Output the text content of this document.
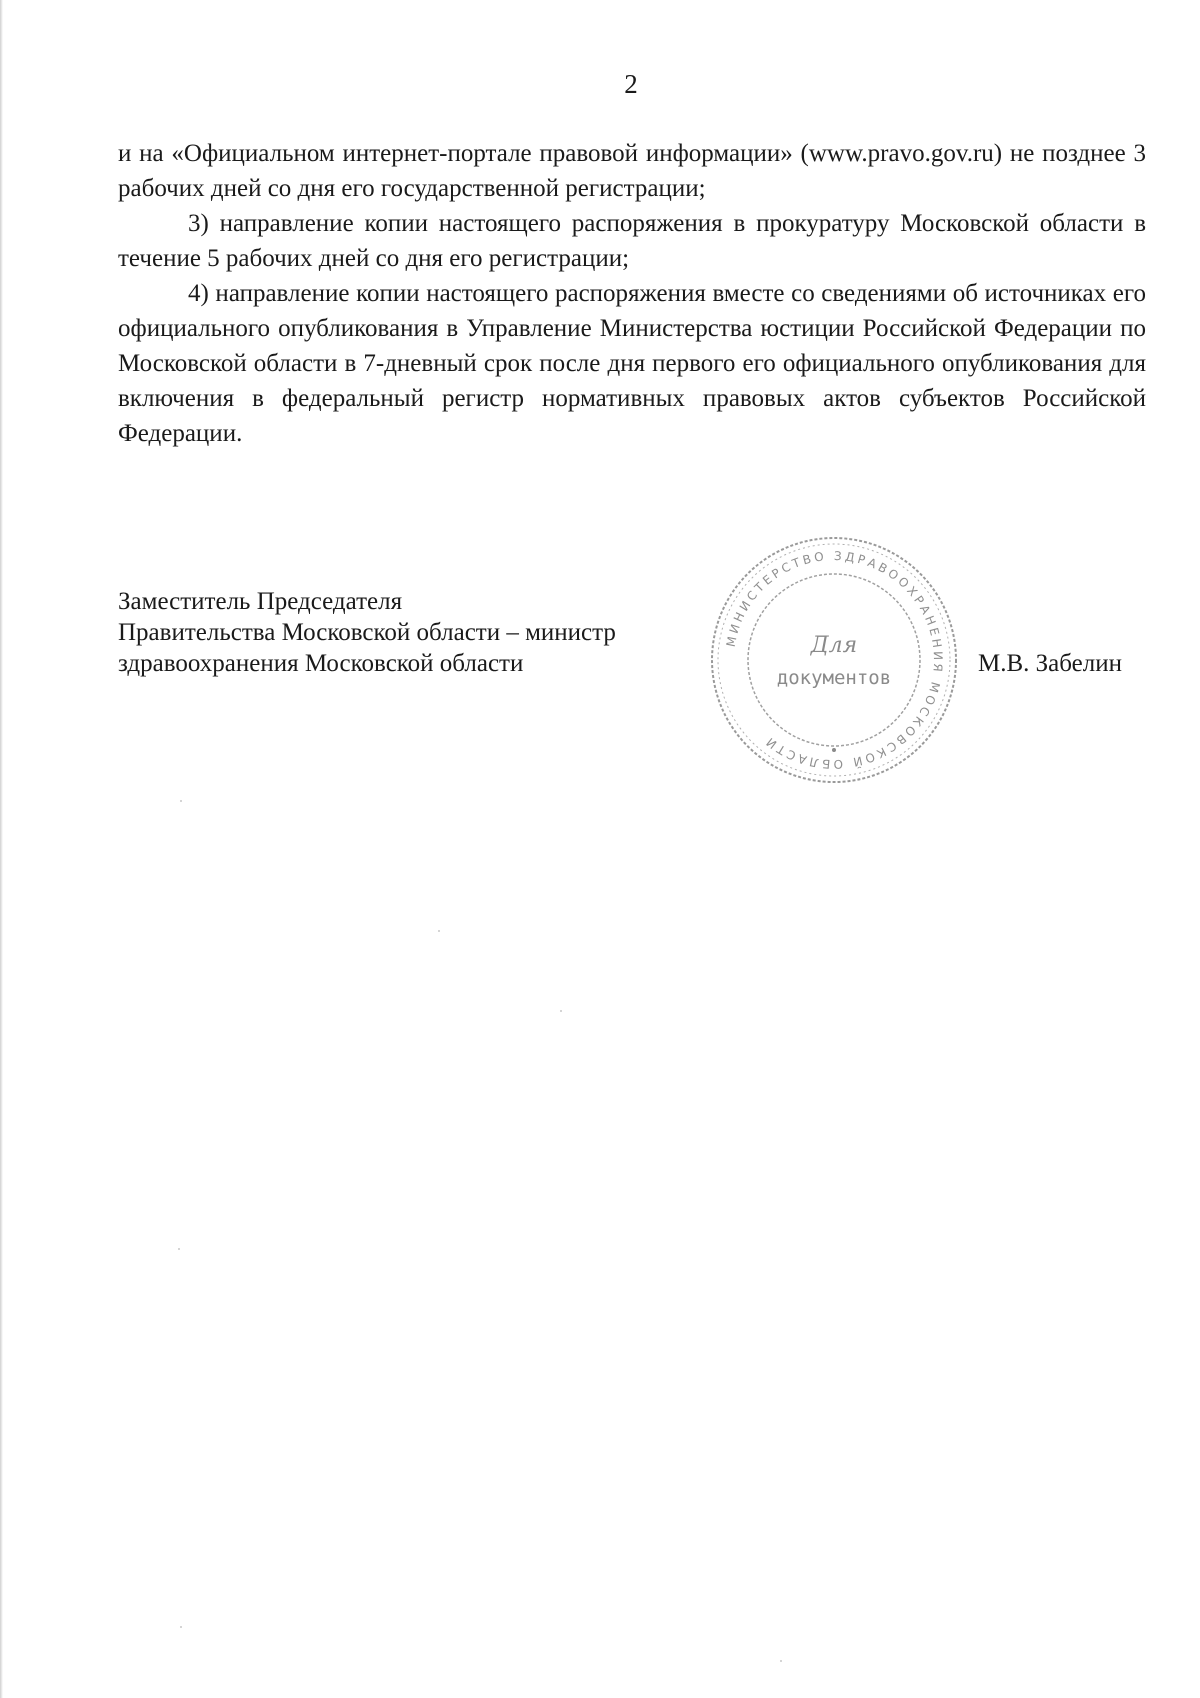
2

и на «Официальном интернет-портале правовой информации» (www.pravo.gov.ru) не позднее 3 рабочих дней со дня его государственной регистрации;

3) направление копии настоящего распоряжения в прокуратуру Московской области в течение 5 рабочих дней со дня его регистрации;

4) направление копии настоящего распоряжения вместе со сведениями об источниках его официального опубликования в Управление Министерства юстиции Российской Федерации по Московской области в 7-дневный срок после дня первого его официального опубликования для включения в федеральный регистр нормативных правовых актов субъектов Российской Федерации.

Заместитель Председателя
Правительства Московской области – министр
здравоохранения Московской области
МИНИСТЕРСТВО ЗДРАВООХРАНЕНИЯ МОСКОВСКОЙ ОБЛАСТИ
Для
документов
М.В. Забелин
